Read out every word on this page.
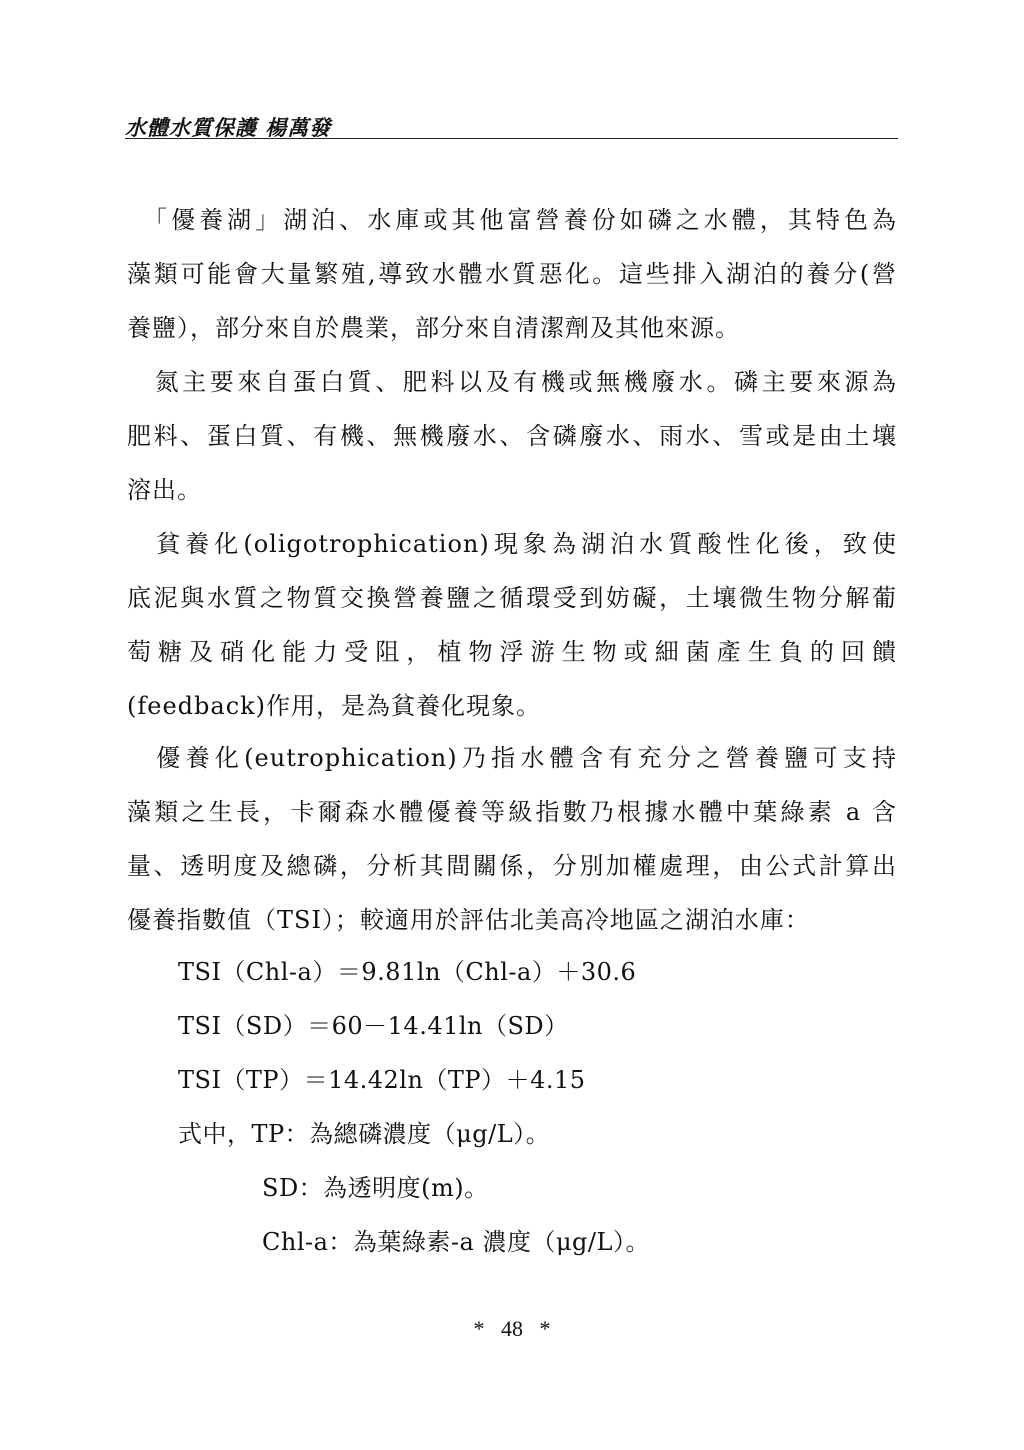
水體水質保護 楊萬發
　「優養湖」湖泊、水庫或其他富營養份如磷之水體，其特色為
藻類可能會大量繁殖,導致水體水質惡化。這些排入湖泊的養分(營
養鹽），部分來自於農業，部分來自清潔劑及其他來源。
　氮主要來自蛋白質、肥料以及有機或無機廢水。磷主要來源為
肥料、蛋白質、有機、無機廢水、含磷廢水、雨水、雪或是由土壤
溶出。
　貧養化(oligotrophication)現象為湖泊水質酸性化後，致使
底泥與水質之物質交換營養鹽之循環受到妨礙，土壤微生物分解葡
萄糖及硝化能力受阻，植物浮游生物或細菌產生負的回饋
(feedback)作用，是為貧養化現象。
　優養化(eutrophication)乃指水體含有充分之營養鹽可支持
藻類之生長，卡爾森水體優養等級指數乃根據水體中葉綠素 a 含
量、透明度及總磷，分析其間關係，分別加權處理，由公式計算出
優養指數值（TSI）；較適用於評估北美高冷地區之湖泊水庫：
TSI（Chl-a）＝9.81ln（Chl-a）＋30.6
TSI（SD）＝60－14.41ln（SD）
TSI（TP）＝14.42ln（TP）＋4.15
式中，TP：為總磷濃度（μg/L）。
SD：為透明度(m)。
Chl-a：為葉綠素-a 濃度（μg/L）。
*   48   *
